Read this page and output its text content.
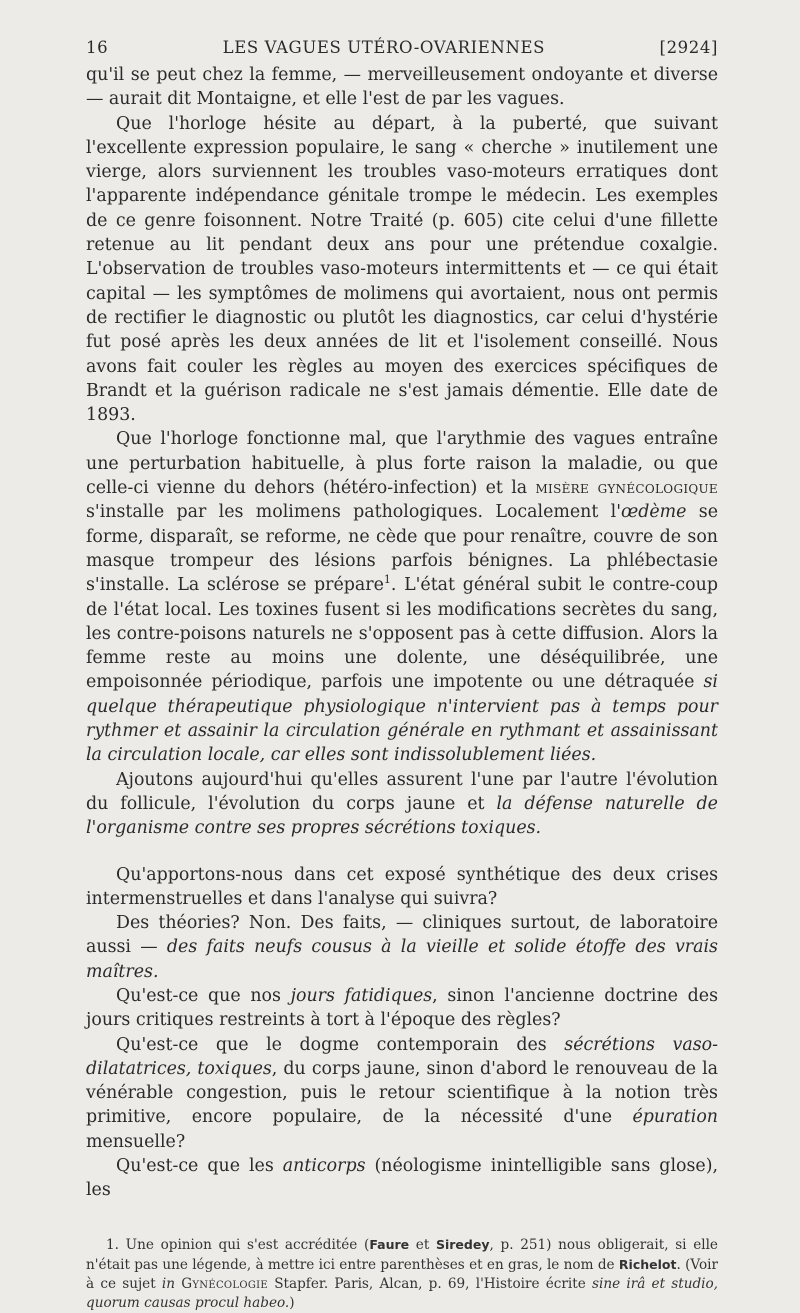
16	LES VAGUES UTÉRO-OVARIENNES	[2924]

qu'il se peut chez la femme, — merveilleusement ondoyante et diverse — aurait dit Montaigne, et elle l'est de par les vagues.

Que l'horloge hésite au départ, à la puberté, que suivant l'excellente expression populaire, le sang « cherche » inutilement une vierge, alors surviennent les troubles vaso-moteurs erratiques dont l'apparente indépendance génitale trompe le médecin. Les exemples de ce genre foisonnent. Notre Traité (p. 605) cite celui d'une fillette retenue au lit pendant deux ans pour une prétendue coxalgie. L'observation de troubles vaso-moteurs intermittents et — ce qui était capital — les symptômes de molimens qui avortaient, nous ont permis de rectifier le diagnostic ou plutôt les diagnostics, car celui d'hystérie fut posé après les deux années de lit et l'isolement conseillé. Nous avons fait couler les règles au moyen des exercices spécifiques de Brandt et la guérison radicale ne s'est jamais démentie. Elle date de 1893.

Que l'horloge fonctionne mal, que l'arythmie des vagues entraîne une perturbation habituelle, à plus forte raison la maladie, ou que celle-ci vienne du dehors (hétéro-infection) et la misère gynécologique s'installe par les molimens pathologiques. Localement l'œdème se forme, disparaît, se reforme, ne cède que pour renaître, couvre de son masque trompeur des lésions parfois bénignes. La phlébectasie s'installe. La sclérose se prépare$^1$. L'état général subit le contre-coup de l'état local. Les toxines fusent si les modifications secrètes du sang, les contre-poisons naturels ne s'opposent pas à cette diffusion. Alors la femme reste au moins une dolente, une déséquilibrée, une empoisonnée périodique, parfois une impotente ou une détraquée si quelque thérapeutique physiologique n'intervient pas à temps pour rythmer et assainir la circulation générale en rythmant et assainissant la circulation locale, car elles sont indissolublement liées.

Ajoutons aujourd'hui qu'elles assurent l'une par l'autre l'évolution du follicule, l'évolution du corps jaune et la défense naturelle de l'organisme contre ses propres sécrétions toxiques.

Qu'apportons-nous dans cet exposé synthétique des deux crises intermenstruelles et dans l'analyse qui suivra?

Des théories? Non. Des faits, — cliniques surtout, de laboratoire aussi — des faits neufs cousus à la vieille et solide étoffe des vrais maîtres.

Qu'est-ce que nos jours fatidiques, sinon l'ancienne doctrine des jours critiques restreints à tort à l'époque des règles?

Qu'est-ce que le dogme contemporain des sécrétions vaso-dilatatrices, toxiques, du corps jaune, sinon d'abord le renouveau de la vénérable congestion, puis le retour scientifique à la notion très primitive, encore populaire, de la nécessité d'une épuration mensuelle?

Qu'est-ce que les anticorps (néologisme inintelligible sans glose), les

1. Une opinion qui s'est accréditée (Faure et Siredey, p. 251) nous obligerait, si elle n'était pas une légende, à mettre ici entre parenthèses et en gras, le nom de Richelot. (Voir à ce sujet in Gynécologie Stapfer. Paris, Alcan, p. 69, l'Histoire écrite sine irâ et studio, quorum causas procul habeo.)
